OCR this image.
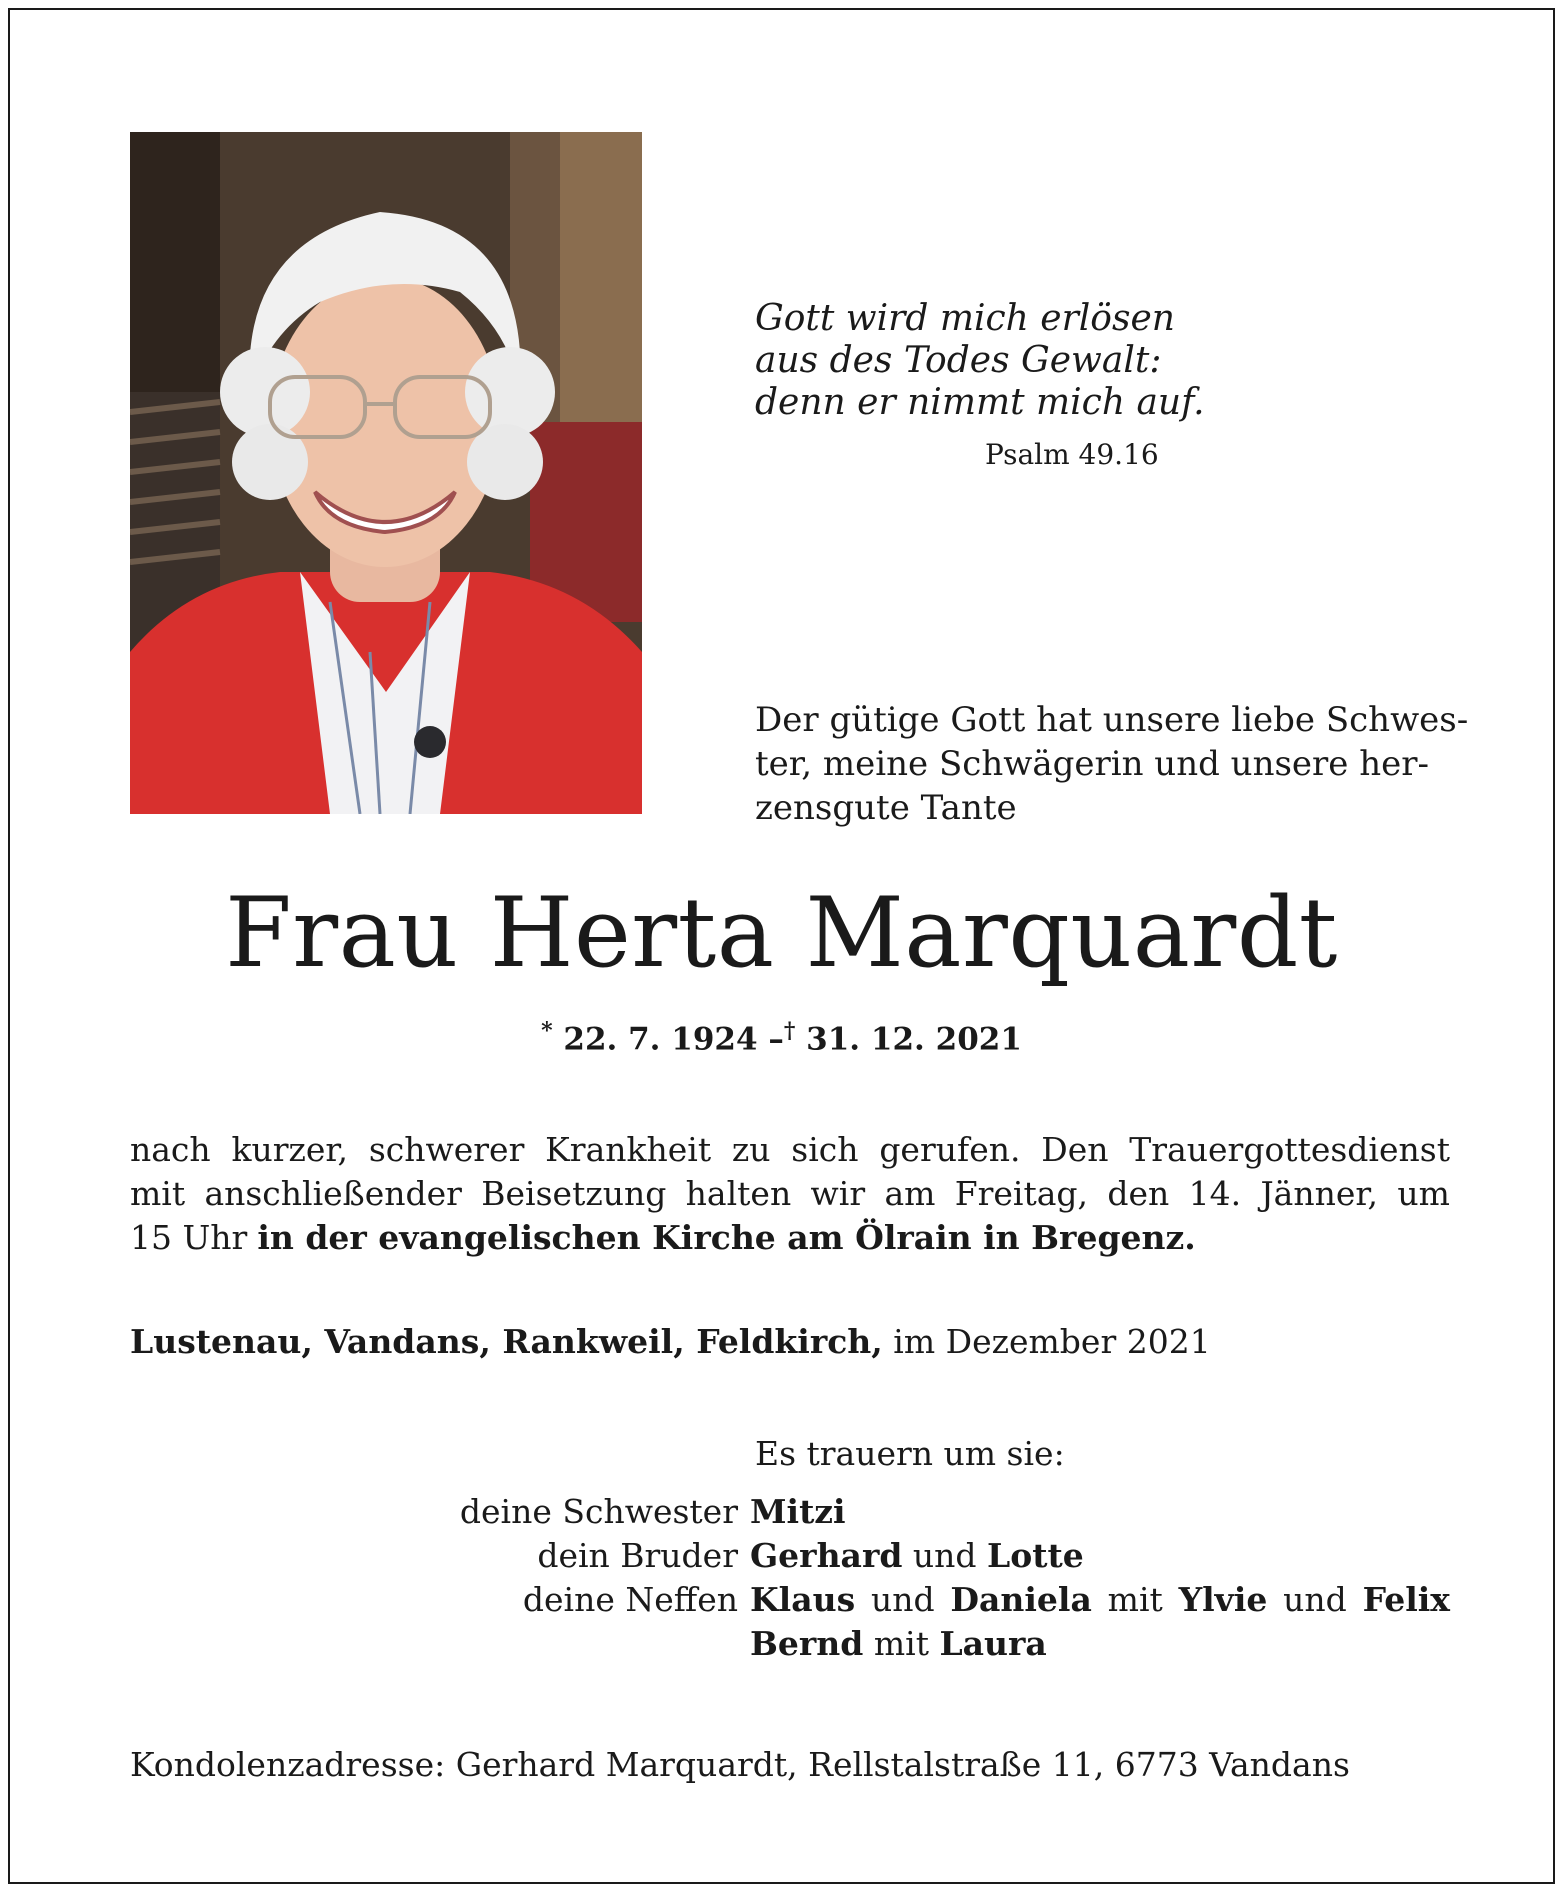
Gott wird mich erlösen
aus des Todes Gewalt:
denn er nimmt mich auf.
Psalm 49.16
Der gütige Gott hat unsere liebe Schwes-
ter, meine Schwägerin und unsere her-
zensgute Tante
Frau Herta Marquardt
* 22. 7. 1924 –† 31. 12. 2021
nach kurzer, schwerer Krankheit zu sich gerufen. Den Trauergottesdienst
mit anschließender Beisetzung halten wir am Freitag, den 14. Jänner, um
15 Uhr in der evangelischen Kirche am Ölrain in Bregenz.
Lustenau, Vandans, Rankweil, Feldkirch, im Dezember 2021
Es trauern um sie:
deine Schwester Mitzi
dein Bruder Gerhard und Lotte
deine Neffen Klaus und Daniela mit Ylvie und Felix
Bernd mit Laura
Kondolenzadresse: Gerhard Marquardt, Rellstalstraße 11, 6773 Vandans
